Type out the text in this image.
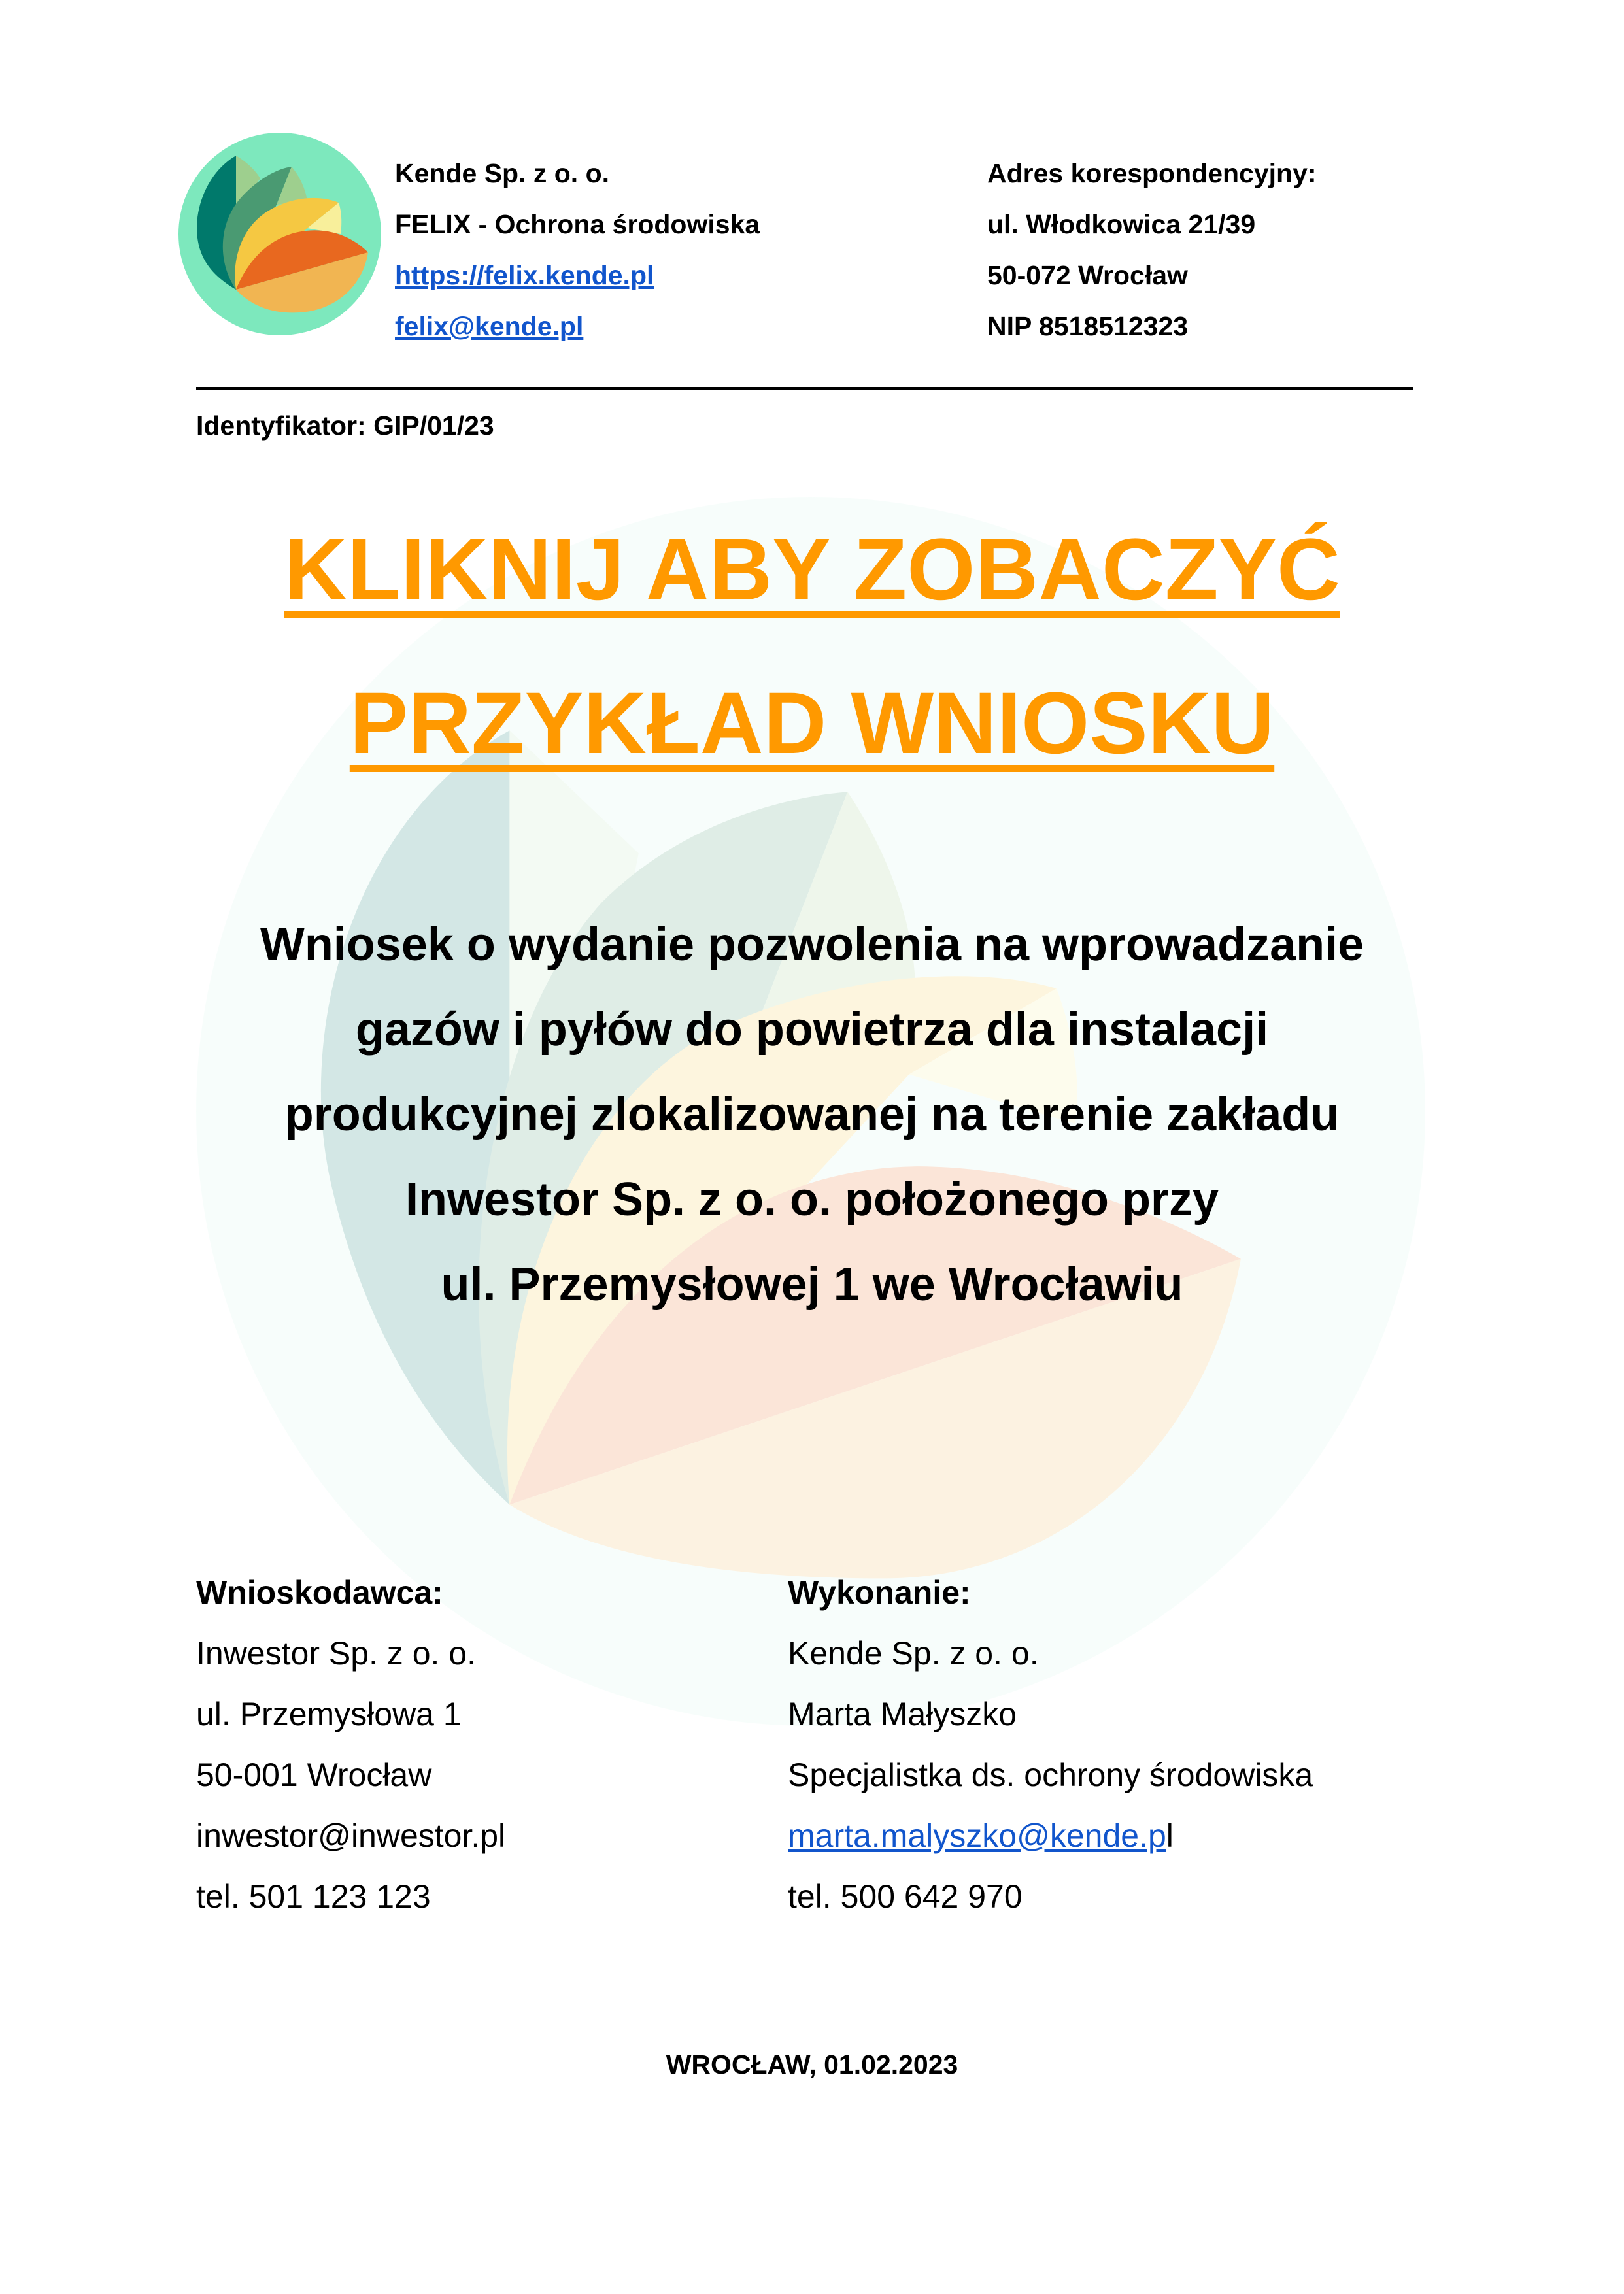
Kende Sp. z o. o.
FELIX - Ochrona środowiska
https://felix.kende.pl
felix@kende.pl
Adres korespondencyjny:
ul. Włodkowica 21/39
50-072 Wrocław
NIP 8518512323
Identyfikator: GIP/01/23
KLIKNIJ ABY ZOBACZYĆ
PRZYKŁAD WNIOSKU
Wniosek o wydanie pozwolenia na wprowadzanie
gazów i pyłów do powietrza dla instalacji
produkcyjnej zlokalizowanej na terenie zakładu
Inwestor Sp. z o. o. położonego przy
ul. Przemysłowej 1 we Wrocławiu
Wnioskodawca:
Inwestor Sp. z o. o.
ul. Przemysłowa 1
50-001 Wrocław
inwestor@inwestor.pl
tel. 501 123 123
Wykonanie:
Kende Sp. z o. o.
Marta Małyszko
Specjalistka ds. ochrony środowiska
marta.malyszko@kende.pl
tel. 500 642 970
WROCŁAW, 01.02.2023
